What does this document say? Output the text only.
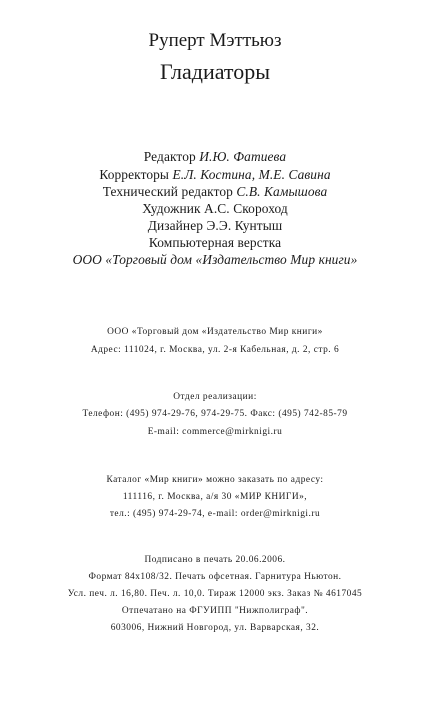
Руперт Мэттьюз
Гладиаторы
Редактор И.Ю. Фатиева
Корректоры Е.Л. Костина, М.Е. Савина
Технический редактор С.В. Камышова
Художник А.С. Скороход
Дизайнер Э.Э. Кунтыш
Компьютерная верстка
ООО «Торговый дом «Издательство Мир книги»
ООО «Торговый дом «Издательство Мир книги»
Адрес: 111024, г. Москва, ул. 2-я Кабельная, д. 2, стр. 6
Отдел реализации:
Телефон: (495) 974-29-76, 974-29-75. Факс: (495) 742-85-79
E-mail: commerce@mirknigi.ru
Каталог «Мир книги» можно заказать по адресу:
111116, г. Москва, а/я 30 «МИР КНИГИ»,
тел.: (495) 974-29-74, e-mail: order@mirknigi.ru
Подписано в печать 20.06.2006.
Формат 84x108/32. Печать офсетная. Гарнитура Ньютон.
Усл. печ. л. 16,80. Печ. л. 10,0. Тираж 12000 экз. Заказ № 4617045
Отпечатано на ФГУИПП "Нижполиграф".
603006, Нижний Новгород, ул. Варварская, 32.
